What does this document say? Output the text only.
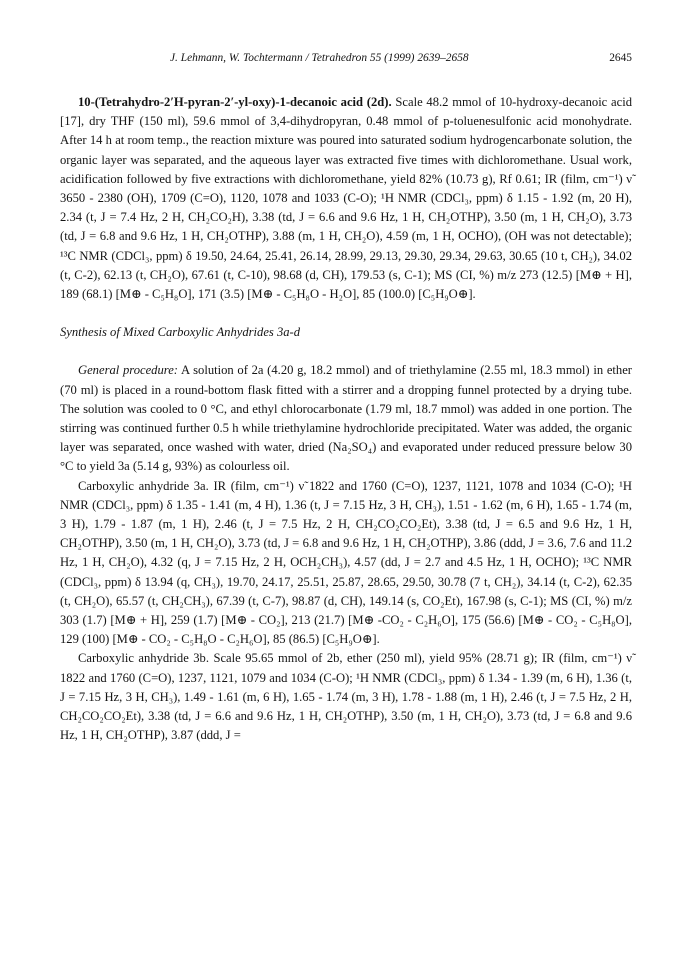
J. Lehmann, W. Tochtermann / Tetrahedron 55 (1999) 2639–2658	2645

10-(Tetrahydro-2′H-pyran-2′-yl-oxy)-1-decanoic acid (2d). Scale 48.2 mmol of 10-hydroxy-decanoic acid [17], dry THF (150 ml), 59.6 mmol of 3,4-dihydropyran, 0.48 mmol of p-toluenesulfonic acid monohydrate. After 14 h at room temp., the reaction mixture was poured into saturated sodium hydrogencarbonate solution, the organic layer was separated, and the aqueous layer was extracted five times with dichloromethane. Usual work, acidification followed by five extractions with dichloromethane, yield 82% (10.73 g), Rf 0.61; IR (film, cm⁻¹) ν̃ 3650 - 2380 (OH), 1709 (C=O), 1120, 1078 and 1033 (C-O); ¹H NMR (CDCl₃, ppm) δ 1.15 - 1.92 (m, 20 H), 2.34 (t, J = 7.4 Hz, 2 H, CH₂CO₂H), 3.38 (td, J = 6.6 and 9.6 Hz, 1 H, CH₂OTHP), 3.50 (m, 1 H, CH₂O), 3.73 (td, J = 6.8 and 9.6 Hz, 1 H, CH₂OTHP), 3.88 (m, 1 H, CH₂O), 4.59 (m, 1 H, OCHO), (OH was not detectable); ¹³C NMR (CDCl₃, ppm) δ 19.50, 24.64, 25.41, 26.14, 28.99, 29.13, 29.30, 29.34, 29.63, 30.65 (10 t, CH₂), 34.02 (t, C-2), 62.13 (t, CH₂O), 67.61 (t, C-10), 98.68 (d, CH), 179.53 (s, C-1); MS (CI, %) m/z 273 (12.5) [M⊕ + H], 189 (68.1) [M⊕ - C₅H₈O], 171 (3.5) [M⊕ - C₅H₈O - H₂O], 85 (100.0) [C₅H₉O⊕].

Synthesis of Mixed Carboxylic Anhydrides 3a-d

General procedure: A solution of 2a (4.20 g, 18.2 mmol) and of triethylamine (2.55 ml, 18.3 mmol) in ether (70 ml) is placed in a round-bottom flask fitted with a stirrer and a dropping funnel protected by a drying tube. The solution was cooled to 0 °C, and ethyl chlorocarbonate (1.79 ml, 18.7 mmol) was added in one portion. The stirring was continued further 0.5 h while triethylamine hydrochloride precipitated. Water was added, the organic layer was separated, once washed with water, dried (Na₂SO₄) and evaporated under reduced pressure below 30 °C to yield 3a (5.14 g, 93%) as colourless oil.

Carboxylic anhydride 3a. IR (film, cm⁻¹) ν̃ 1822 and 1760 (C=O), 1237, 1121, 1078 and 1034 (C-O); ¹H NMR (CDCl₃, ppm) δ 1.35 - 1.41 (m, 4 H), 1.36 (t, J = 7.15 Hz, 3 H, CH₃), 1.51 - 1.62 (m, 6 H), 1.65 - 1.74 (m, 3 H), 1.79 - 1.87 (m, 1 H), 2.46 (t, J = 7.5 Hz, 2 H, CH₂CO₂CO₂Et), 3.38 (td, J = 6.5 and 9.6 Hz, 1 H, CH₂OTHP), 3.50 (m, 1 H, CH₂O), 3.73 (td, J = 6.8 and 9.6 Hz, 1 H, CH₂OTHP), 3.86 (ddd, J = 3.6, 7.6 and 11.2 Hz, 1 H, CH₂O), 4.32 (q, J = 7.15 Hz, 2 H, OCH₂CH₃), 4.57 (dd, J = 2.7 and 4.5 Hz, 1 H, OCHO); ¹³C NMR (CDCl₃, ppm) δ 13.94 (q, CH₃), 19.70, 24.17, 25.51, 25.87, 28.65, 29.50, 30.78 (7 t, CH₂), 34.14 (t, C-2), 62.35 (t, CH₂O), 65.57 (t, CH₂CH₃), 67.39 (t, C-7), 98.87 (d, CH), 149.14 (s, CO₂Et), 167.98 (s, C-1); MS (CI, %) m/z 303 (1.7) [M⊕ + H], 259 (1.7) [M⊕ - CO₂], 213 (21.7) [M⊕ -CO₂ - C₂H₆O], 175 (56.6) [M⊕ - CO₂ - C₅H₈O], 129 (100) [M⊕ - CO₂ - C₅H₈O - C₂H₆O], 85 (86.5) [C₅H₉O⊕].

Carboxylic anhydride 3b. Scale 95.65 mmol of 2b, ether (250 ml), yield 95% (28.71 g); IR (film, cm⁻¹) ν̃ 1822 and 1760 (C=O), 1237, 1121, 1079 and 1034 (C-O); ¹H NMR (CDCl₃, ppm) δ 1.34 - 1.39 (m, 6 H), 1.36 (t, J = 7.15 Hz, 3 H, CH₃), 1.49 - 1.61 (m, 6 H), 1.65 - 1.74 (m, 3 H), 1.78 - 1.88 (m, 1 H), 2.46 (t, J = 7.5 Hz, 2 H, CH₂CO₂CO₂Et), 3.38 (td, J = 6.6 and 9.6 Hz, 1 H, CH₂OTHP), 3.50 (m, 1 H, CH₂O), 3.73 (td, J = 6.8 and 9.6 Hz, 1 H, CH₂OTHP), 3.87 (ddd, J =
